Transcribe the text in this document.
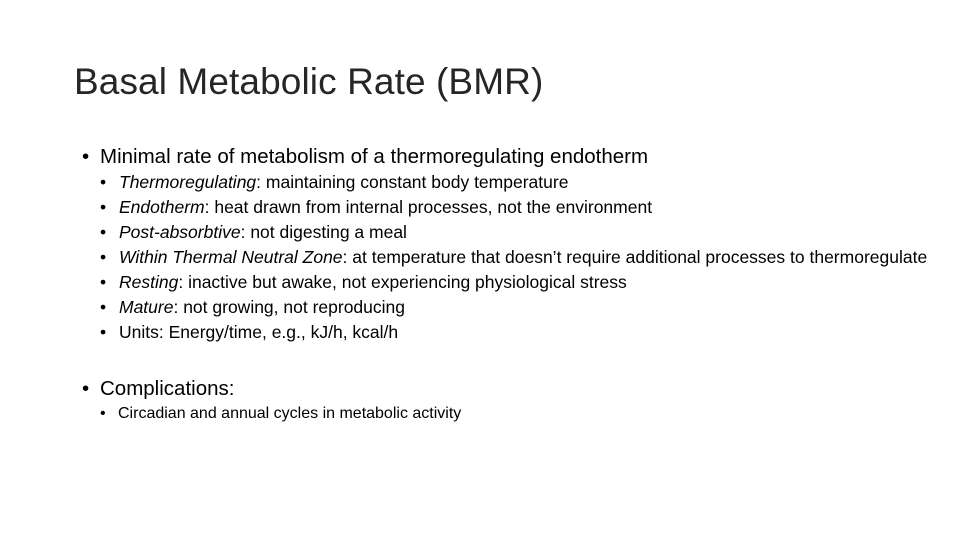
Basal Metabolic Rate (BMR)
• Minimal rate of metabolism of a thermoregulating endotherm
• Thermoregulating: maintaining constant body temperature
• Endotherm: heat drawn from internal processes, not the environment
• Post-absorbtive: not digesting a meal
• Within Thermal Neutral Zone: at temperature that doesn’t require additional processes to thermoregulate
• Resting: inactive but awake, not experiencing physiological stress
• Mature: not growing, not reproducing
• Units: Energy/time, e.g., kJ/h, kcal/h
• Complications:
• Circadian and annual cycles in metabolic activity
